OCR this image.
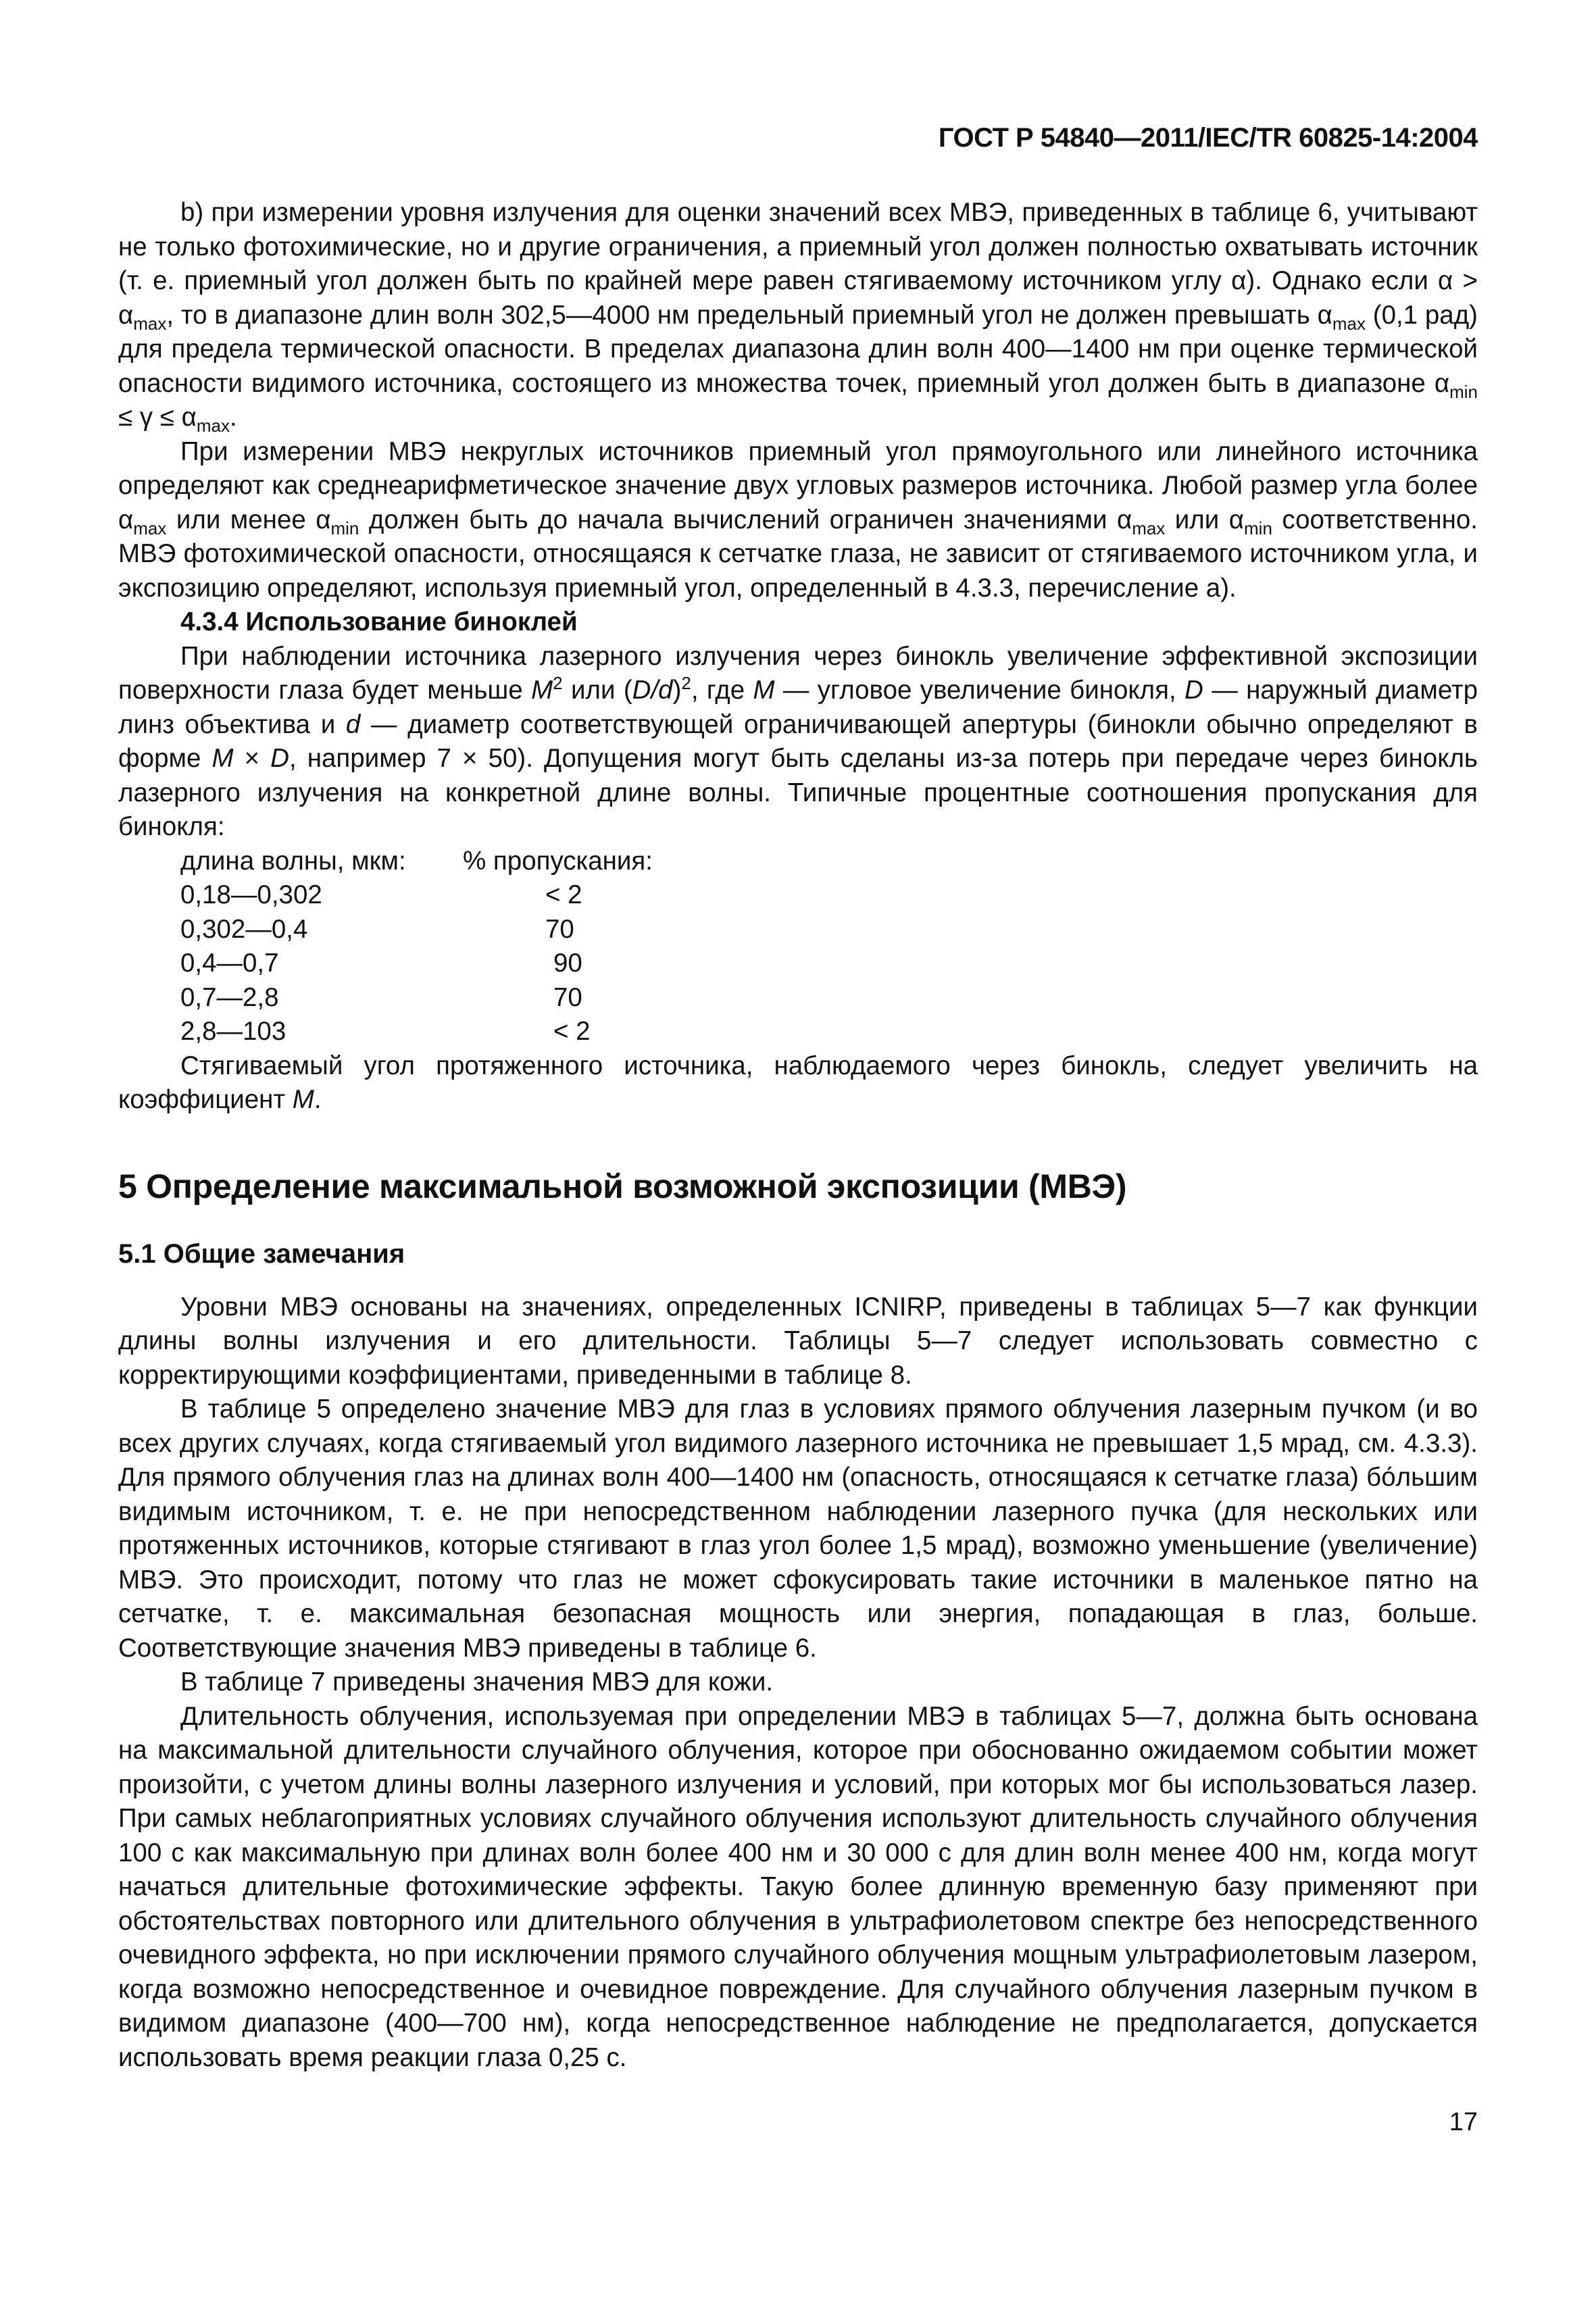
ГОСТ Р 54840—2011/IEC/TR 60825-14:2004

b) при измерении уровня излучения для оценки значений всех МВЭ, приведенных в таблице 6, учитывают не только фотохимические, но и другие ограничения, а приемный угол должен полностью охватывать источник (т. е. приемный угол должен быть по крайней мере равен стягиваемому источником углу α). Однако если $\alpha > \alpha_{max}$, то в диапазоне длин волн 302,5—4000 нм предельный приемный угол не должен превышать $\alpha_{max}$ (0,1 рад) для предела термической опасности. В пределах диапазона длин волн 400—1400 нм при оценке термической опасности видимого источника, состоящего из множества точек, приемный угол должен быть в диапазоне $\alpha_{min} \le \gamma \le \alpha_{max}$.

При измерении МВЭ некруглых источников приемный угол прямоугольного или линейного источника определяют как среднеарифметическое значение двух угловых размеров источника. Любой размер угла более $\alpha_{max}$ или менее $\alpha_{min}$ должен быть до начала вычислений ограничен значениями $\alpha_{max}$ или $\alpha_{min}$ соответственно. МВЭ фотохимической опасности, относящаяся к сетчатке глаза, не зависит от стягиваемого источником угла, и экспозицию определяют, используя приемный угол, определенный в 4.3.3, перечисление а).

4.3.4 Использование биноклей

При наблюдении источника лазерного излучения через бинокль увеличение эффективной экспозиции поверхности глаза будет меньше $M^2$ или $(D/d)^2$, где M — угловое увеличение бинокля, D — наружный диаметр линз объектива и d — диаметр соответствующей ограничивающей апертуры (бинокли обычно определяют в форме M × D, например 7 × 50). Допущения могут быть сделаны из-за потерь при передаче через бинокль лазерного излучения на конкретной длине волны. Типичные процентные соотношения пропускания для бинокля:

длина волны, мкм:	% пропускания:
0,18—0,302	< 2
0,302—0,4	70
0,4—0,7	90
0,7—2,8	70
2,8—103	< 2

Стягиваемый угол протяженного источника, наблюдаемого через бинокль, следует увеличить на коэффициент M.

5 Определение максимальной возможной экспозиции (МВЭ)
5.1 Общие замечания

Уровни МВЭ основаны на значениях, определенных ICNIRP, приведены в таблицах 5—7 как функции длины волны излучения и его длительности. Таблицы 5—7 следует использовать совместно с корректирующими коэффициентами, приведенными в таблице 8.

В таблице 5 определено значение МВЭ для глаз в условиях прямого облучения лазерным пучком (и во всех других случаях, когда стягиваемый угол видимого лазерного источника не превышает 1,5 мрад, см. 4.3.3). Для прямого облучения глаз на длинах волн 400—1400 нм (опасность, относящаяся к сетчатке глаза) бо́льшим видимым источником, т. е. не при непосредственном наблюдении лазерного пучка (для нескольких или протяженных источников, которые стягивают в глаз угол более 1,5 мрад), возможно уменьшение (увеличение) МВЭ. Это происходит, потому что глаз не может сфокусировать такие источники в маленькое пятно на сетчатке, т. е. максимальная безопасная мощность или энергия, попадающая в глаз, больше. Соответствующие значения МВЭ приведены в таблице 6.

В таблице 7 приведены значения МВЭ для кожи.

Длительность облучения, используемая при определении МВЭ в таблицах 5—7, должна быть основана на максимальной длительности случайного облучения, которое при обоснованно ожидаемом событии может произойти, с учетом длины волны лазерного излучения и условий, при которых мог бы использоваться лазер. При самых неблагоприятных условиях случайного облучения используют длительность случайного облучения 100 с как максимальную при длинах волн более 400 нм и 30 000 с для длин волн менее 400 нм, когда могут начаться длительные фотохимические эффекты. Такую более длинную временную базу применяют при обстоятельствах повторного или длительного облучения в ультрафиолетовом спектре без непосредственного очевидного эффекта, но при исключении прямого случайного облучения мощным ультрафиолетовым лазером, когда возможно непосредственное и очевидное повреждение. Для случайного облучения лазерным пучком в видимом диапазоне (400—700 нм), когда непосредственное наблюдение не предполагается, допускается использовать время реакции глаза 0,25 с.

17
